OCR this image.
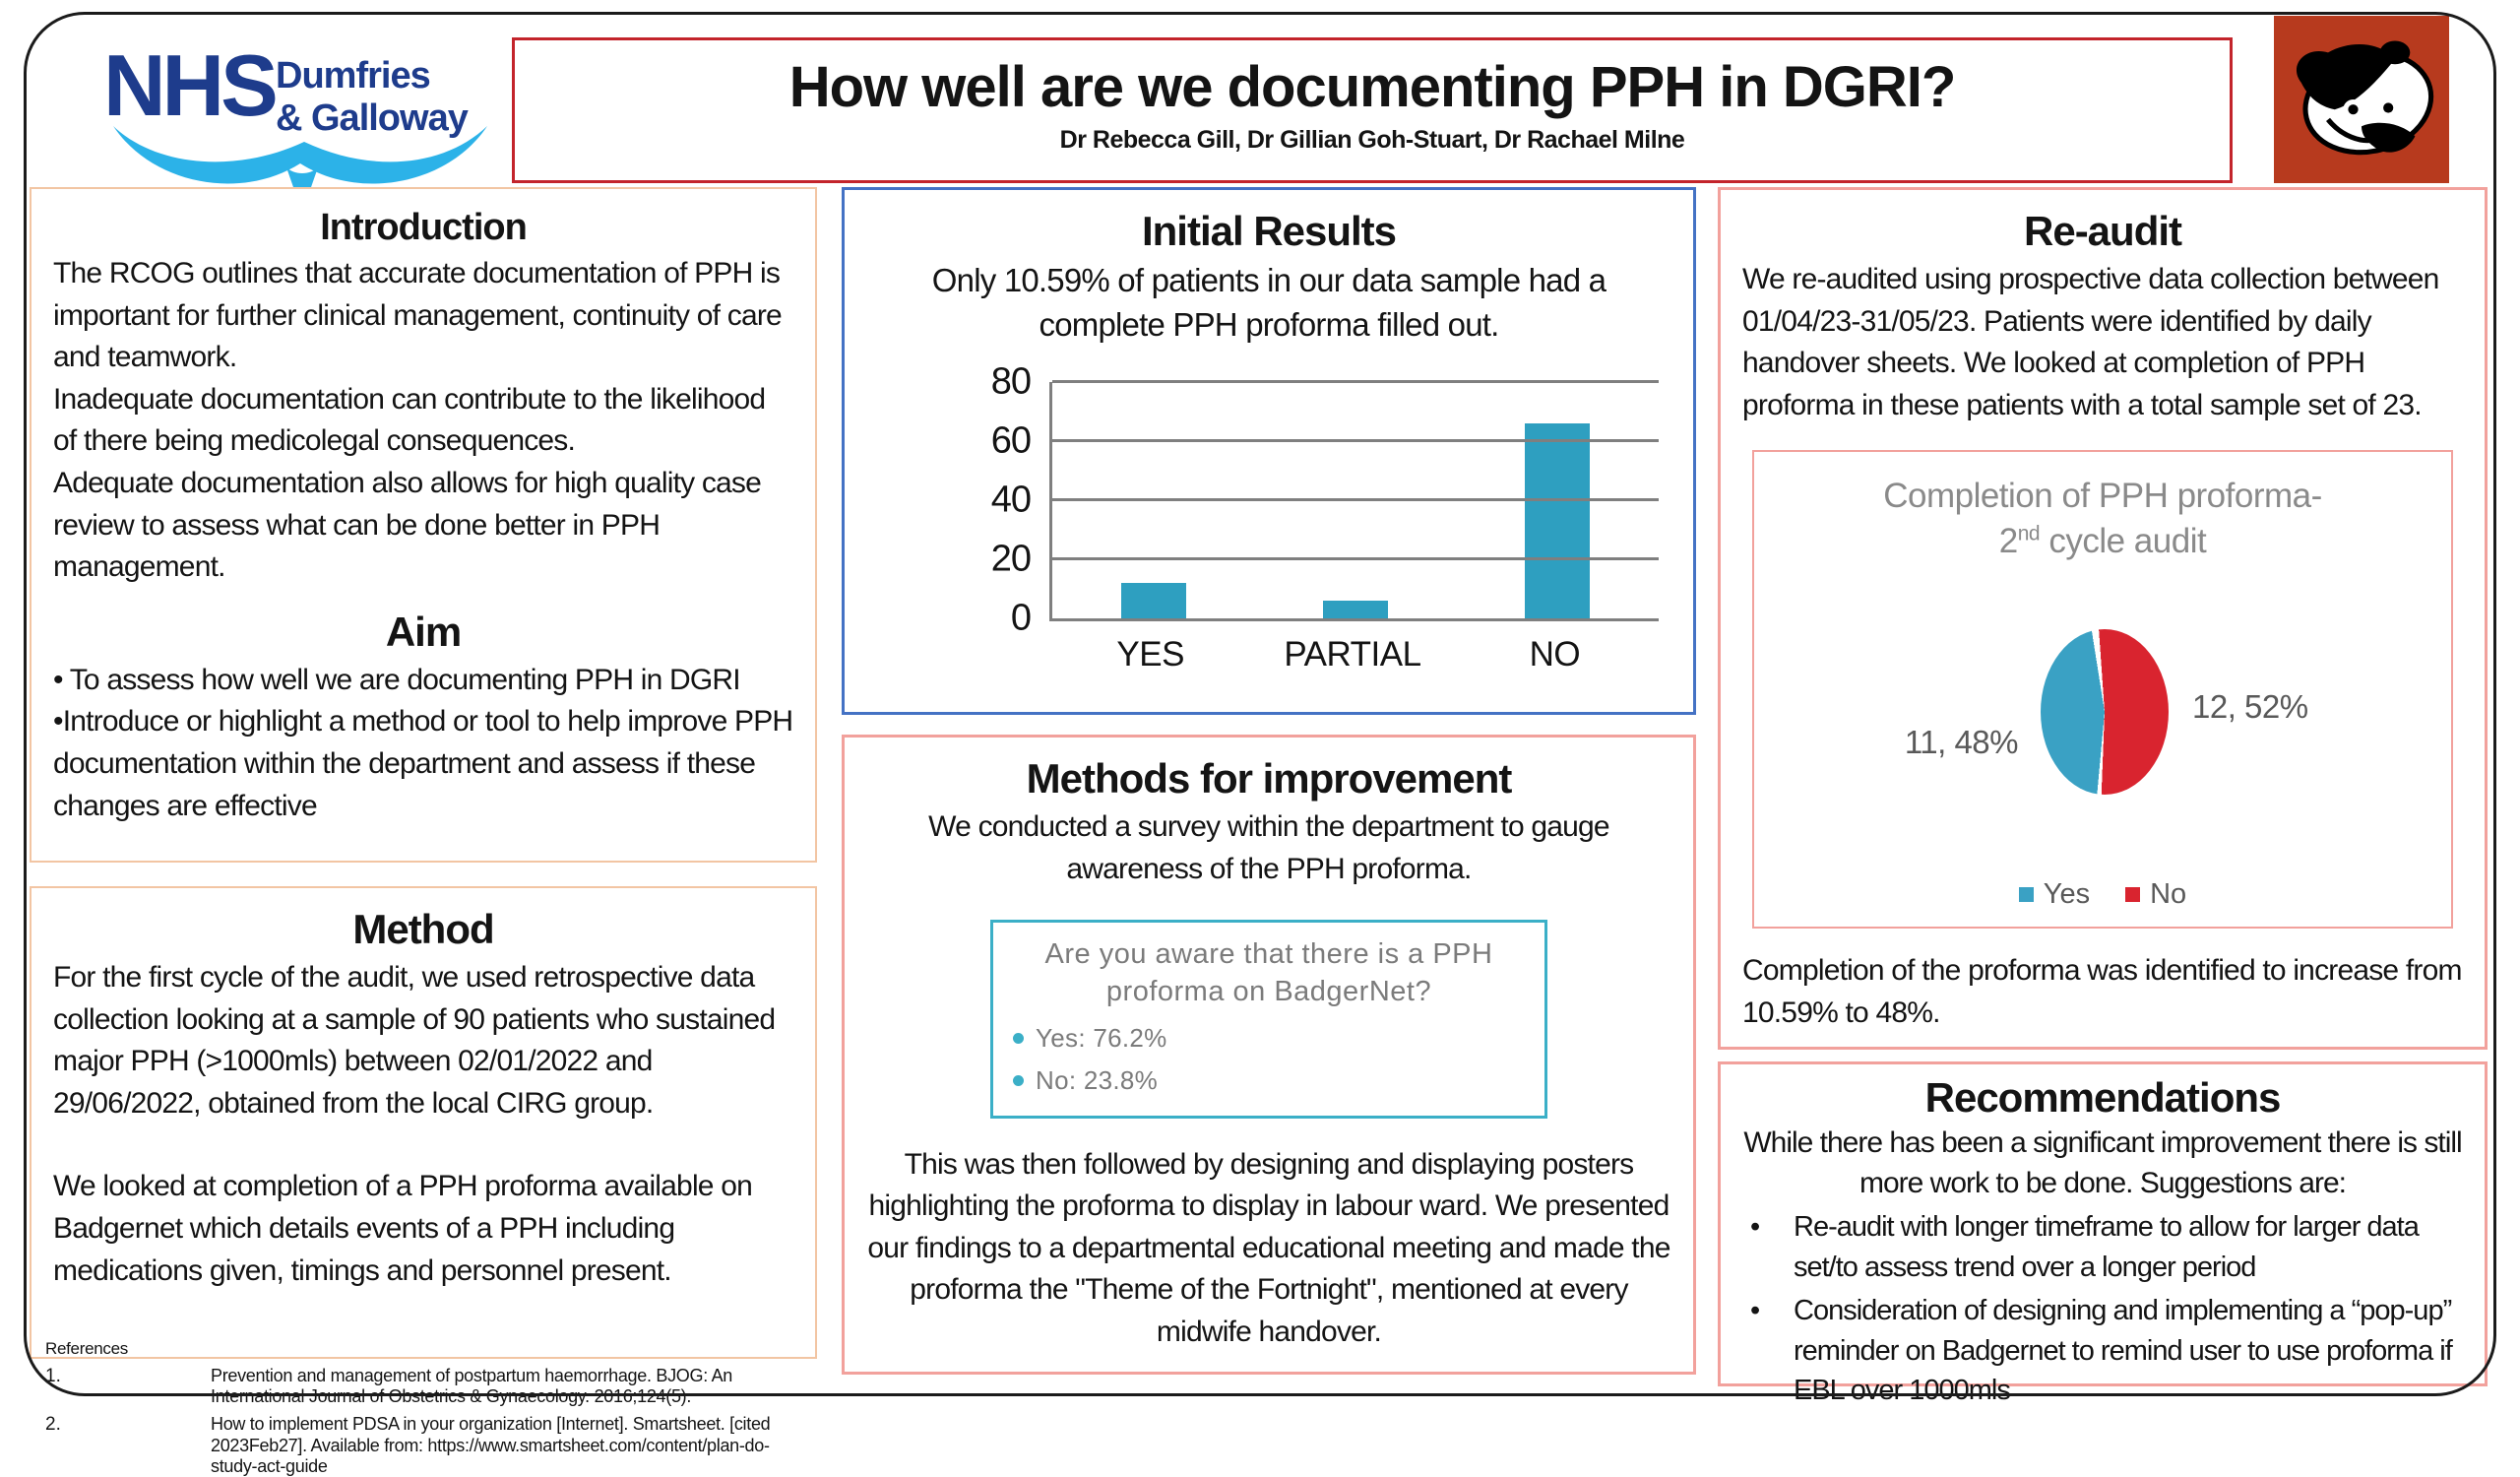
NHS Dumfries
& Galloway	How well are we documenting PPH in DGRI?
Dr Rebecca Gill, Dr Gillian Goh-Stuart, Dr Rachael Milne
Introduction

The RCOG outlines that accurate documentation of PPH is important for further clinical management, continuity of care and teamwork.

Inadequate documentation can contribute to the likelihood of there being medicolegal consequences.

Adequate documentation also allows for high quality case review to assess what can be done better in PPH management.

Aim

• To assess how well we are documenting PPH in DGRI

•Introduce or highlight a method or tool to help improve PPH documentation within the department and assess if these changes are effective

Method

For the first cycle of the audit, we used retrospective data collection looking at a sample of 90 patients who sustained major PPH (>1000mls) between 02/01/2022 and 29/06/2022, obtained from the local CIRG group.

We looked at completion of a PPH proforma available on Badgernet which details events of a PPH including medications given, timings and personnel present.

References
1.	Prevention and management of postpartum haemorrhage. BJOG: An International Journal of Obstetrics & Gynaecology. 2016;124(5).
2.	How to implement PDSA in your organization [Internet]. Smartsheet. [cited 2023Feb27]. Available from: https://www.smartsheet.com/content/plan-do-study-act-guide
Initial Results
Only 10.59% of patients in our data sample had a complete PPH proforma filled out.
0
20
40
60
80
YES	PARTIAL	NO
Methods for improvement

We conducted a survey within the department to gauge awareness of the PPH proforma.

Are you aware that there is a PPH proforma on BadgerNet?
Yes: 76.2%
No: 23.8%

This was then followed by designing and displaying posters highlighting the proforma to display in labour ward. We presented our findings to a departmental educational meeting and made the proforma the "Theme of the Fortnight", mentioned at every midwife handover.

Re-audit

We re-audited using prospective data collection between 01/04/23-31/05/23. Patients were identified by daily handover sheets. We looked at completion of PPH proforma in these patients with a total sample set of 23.

Completion of PPH proforma-
2nd cycle audit
11, 48%
12, 52%
Yes No

Completion of the proforma was identified to increase from 10.59% to 48%.

Recommendations

While there has been a significant improvement there is still more work to be done. Suggestions are:

•	Re-audit with longer timeframe to allow for larger data set/to assess trend over a longer period
•	Consideration of designing and implementing a “pop-up” reminder on Badgernet to remind user to use proforma if EBL over 1000mls
